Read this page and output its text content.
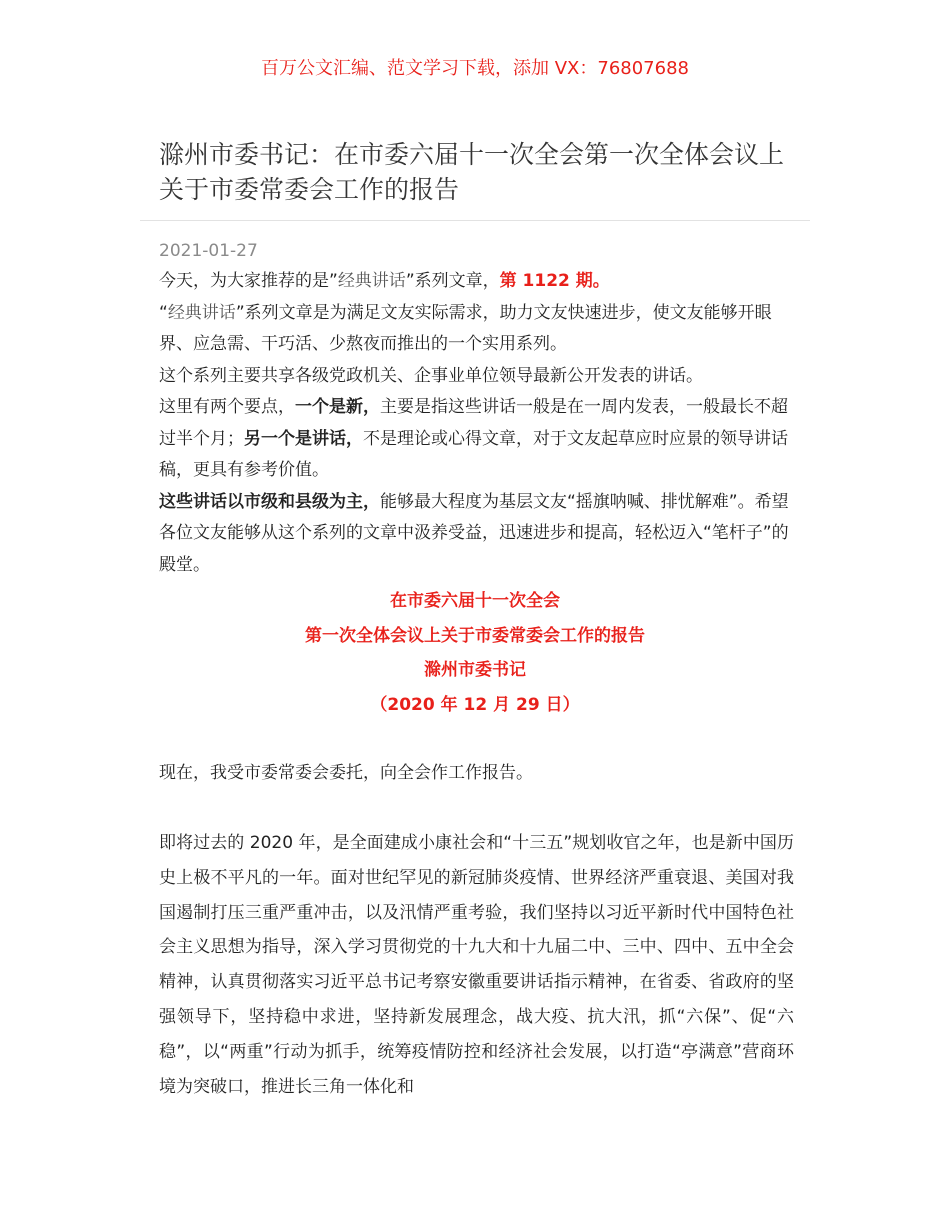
百万公文汇编、范文学习下载，添加 VX：76807688
滁州市委书记：在市委六届十一次全会第一次全体会议上关于市委常委会工作的报告
2021-01-27

今天，为大家推荐的是”经典讲话”系列文章，第 1122 期。

“经典讲话”系列文章是为满足文友实际需求，助力文友快速进步，使文友能够开眼界、应急需、干巧活、少熬夜而推出的一个实用系列。

这个系列主要共享各级党政机关、企事业单位领导最新公开发表的讲话。

这里有两个要点，一个是新，主要是指这些讲话一般是在一周内发表，一般最长不超过半个月；另一个是讲话，不是理论或心得文章，对于文友起草应时应景的领导讲话稿，更具有参考价值。

这些讲话以市级和县级为主，能够最大程度为基层文友“摇旗呐喊、排忧解难”。希望各位文友能够从这个系列的文章中汲养受益，迅速进步和提高，轻松迈入“笔杆子”的殿堂。

在市委六届十一次全会
第一次全体会议上关于市委常委会工作的报告
滁州市委书记
（2020 年 12 月 29 日）

现在，我受市委常委会委托，向全会作工作报告。

即将过去的 2020 年，是全面建成小康社会和“十三五”规划收官之年，也是新中国历史上极不平凡的一年。面对世纪罕见的新冠肺炎疫情、世界经济严重衰退、美国对我国遏制打压三重严重冲击，以及汛情严重考验，我们坚持以习近平新时代中国特色社会主义思想为指导，深入学习贯彻党的十九大和十九届二中、三中、四中、五中全会精神，认真贯彻落实习近平总书记考察安徽重要讲话指示精神，在省委、省政府的坚强领导下，坚持稳中求进，坚持新发展理念，战大疫、抗大汛，抓“六保”、促“六稳”，以“两重”行动为抓手，统筹疫情防控和经济社会发展，以打造“亭满意”营商环境为突破口，推进长三角一体化和
